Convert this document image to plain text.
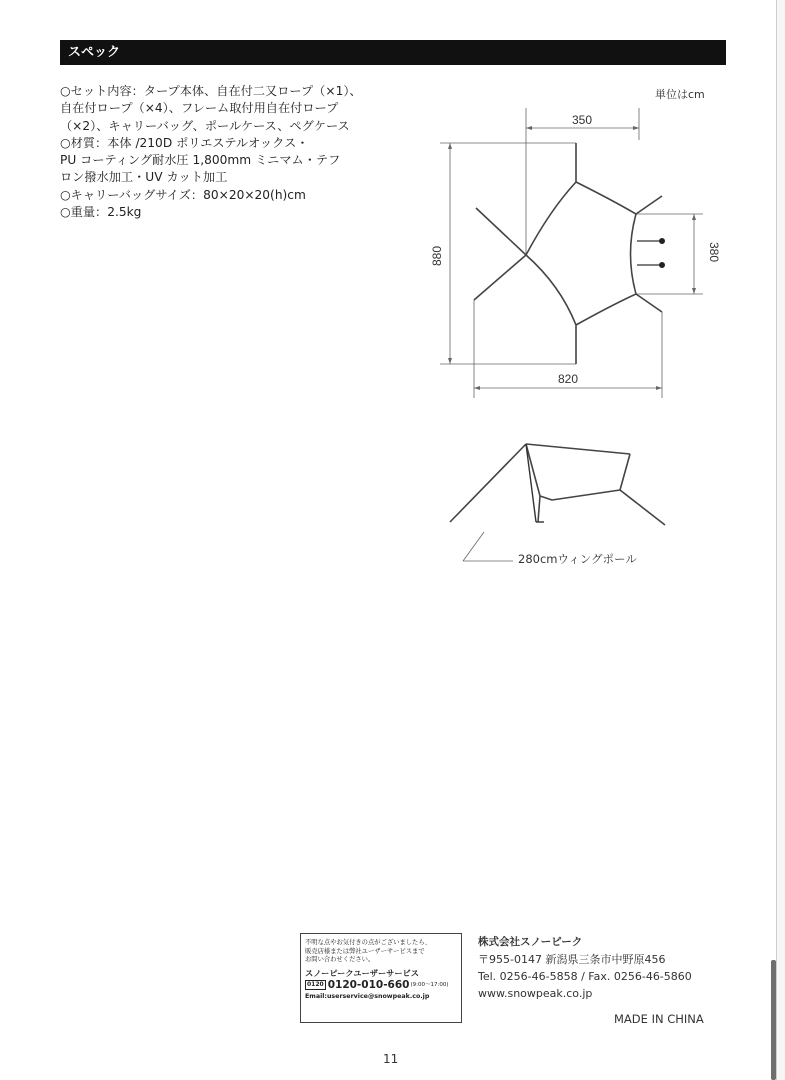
スペック
○セット内容：タープ本体、自在付二又ロープ（×1）、
自在付ロープ（×4）、フレーム取付用自在付ロープ
（×2）、キャリーバッグ、ポールケース、ペグケース
○材質：本体 /210D ポリエステルオックス・
PU コーティング耐水圧 1,800mm ミニマム・テフ
ロン撥水加工・UV カット加工
○キャリーバッグサイズ：80×20×20(h)cm
○重量：2.5kg
単位はcm
350
880	380
820
280cmウィングポール
不明な点やお気付きの点がございましたら、
販売店様または弊社ユーザーサービスまで
お問い合わせください。
スノーピークユーザーサービス
0120 0120-010-660 (9:00〜17:00)
Email:userservice@snowpeak.co.jp
株式会社スノーピーク
〒955-0147 新潟県三条市中野原456
Tel. 0256-46-5858 / Fax. 0256-46-5860
www.snowpeak.co.jp
MADE IN CHINA
11
